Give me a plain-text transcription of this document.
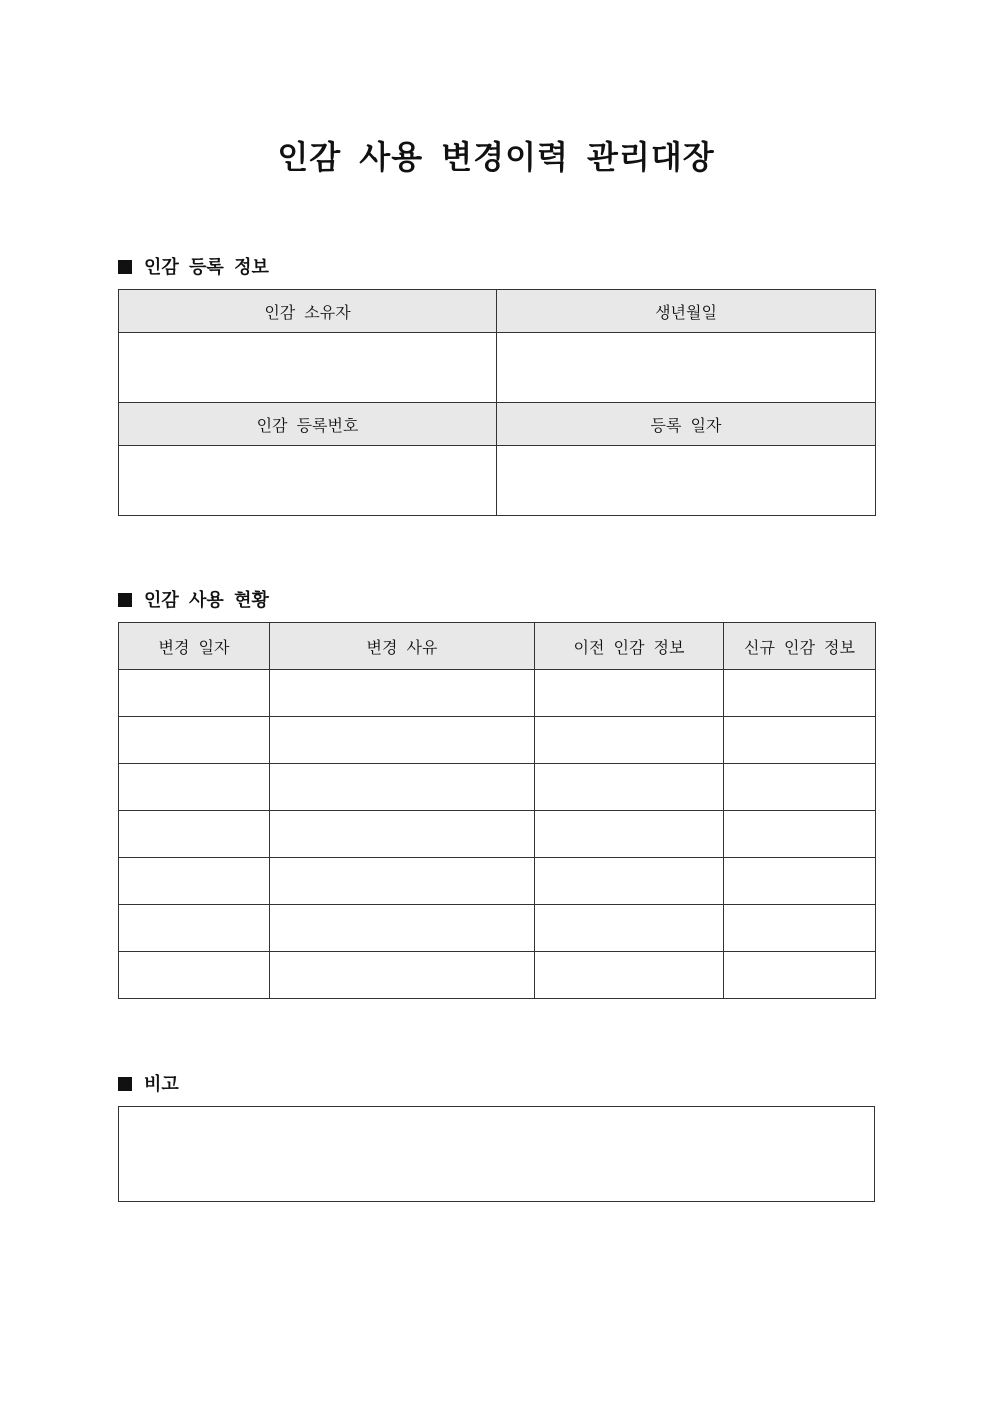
인감 사용 변경이력 관리대장
인감 등록 정보
인감 소유자	생년월일

인감 등록번호	등록 일자

인감 사용 현황
변경 일자	변경 사유	이전 인감 정보	신규 인감 정보

비고
